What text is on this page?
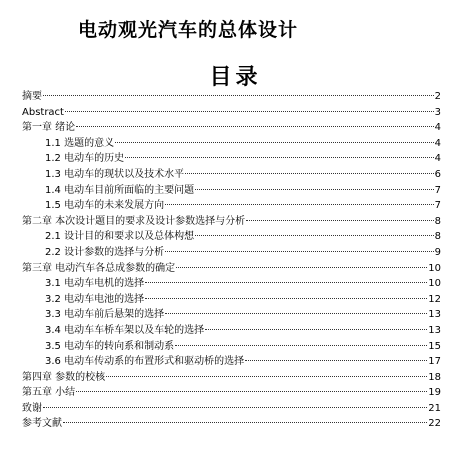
电动观光汽车的总体设计
目录
摘要	2
Abstract	3
第一章 绪论	4
1.1 选题的意义	4
1.2 电动车的历史	4
1.3 电动车的现状以及技术水平	6
1.4 电动车目前所面临的主要问题	7
1.5 电动车的未来发展方向	7
第二章 本次设计题目的要求及设计参数选择与分析	8
2.1 设计目的和要求以及总体构想	8
2.2 设计参数的选择与分析	9
第三章 电动汽车各总成参数的确定	10
3.1 电动车电机的选择	10
3.2 电动车电池的选择	12
3.3 电动车前后悬架的选择	13
3.4 电动车车桥车架以及车轮的选择	13
3.5 电动车的转向系和制动系	15
3.6 电动车传动系的布置形式和驱动桥的选择	17
第四章 参数的校核	18
第五章 小结	19
致谢	21
参考文献	22
